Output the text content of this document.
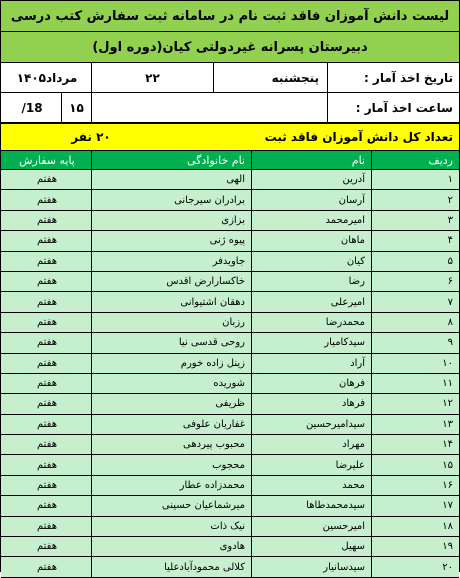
لیست دانش آموزان فاقد ثبت نام در سامانه ثبت سفارش کتب درسی
دبیرستان پسرانه غیردولتی کیان(دوره اول)
تاریخ اخذ آمار :
پنجشنبه
۲۲
مرداد۱۴۰۵
ساعت اخذ آمار :
۱۵
18/
تعداد کل دانش آموزان فاقد ثبت
۲۰ نفر
ردیف
نام
نام خانوادگی
پایه سفارش
۱
آدرین
الهی
هفتم
۲
آرسان
برادران سیرجانی
هفتم
۳
امیرمحمد
بزازی
هفتم
۴
ماهان
پیوه ژنی
هفتم
۵
کیان
جاویدفر
هفتم
۶
رضا
خاکسارارض اقدس
هفتم
۷
امیرعلی
دهقان اشتیوانی
هفتم
۸
محمدرضا
رزبان
هفتم
۹
سیدکامیار
روحی قدسی نیا
هفتم
۱۰
آراد
زینل زاده خورم
هفتم
۱۱
فرهان
شوریده
هفتم
۱۲
فرهاد
ظریفی
هفتم
۱۳
سیدامیرحسین
غفاریان علوفی
هفتم
۱۴
مهراد
محبوب پیردهی
هفتم
۱۵
علیرضا
محجوب
هفتم
۱۶
محمد
محمدزاده عطار
هفتم
۱۷
سیدمحمدطاها
میرشماعیان حسینی
هفتم
۱۸
امیرحسین
نیک ذات
هفتم
۱۹
سهیل
هادوی
هفتم
۲۰
سیدسانیار
کلالی محمودآبادعلیا
هفتم
